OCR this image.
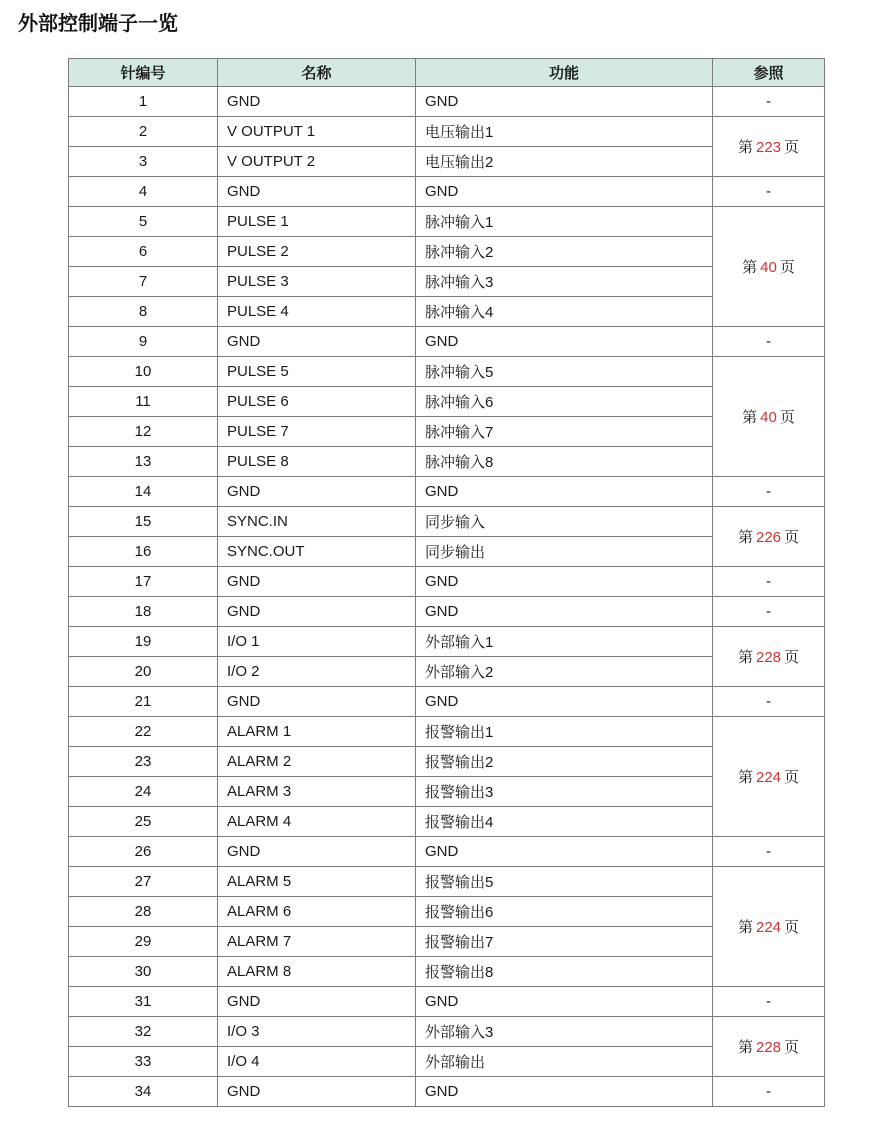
外部控制端子一览
针编号	名称	功能	参照
1	GND	GND	-
2	V OUTPUT 1	电压输出1	第 223 页
3	V OUTPUT 2	电压输出2	
4	GND	GND	-
5	PULSE 1	脉冲输入1	第 40 页
6	PULSE 2	脉冲输入2	
7	PULSE 3	脉冲输入3	
8	PULSE 4	脉冲输入4	
9	GND	GND	-
10	PULSE 5	脉冲输入5	第 40 页
11	PULSE 6	脉冲输入6	
12	PULSE 7	脉冲输入7	
13	PULSE 8	脉冲输入8	
14	GND	GND	-
15	SYNC.IN	同步输入	第 226 页
16	SYNC.OUT	同步输出	
17	GND	GND	-
18	GND	GND	-
19	I/O 1	外部输入1	第 228 页
20	I/O 2	外部输入2	
21	GND	GND	-
22	ALARM 1	报警输出1	第 224 页
23	ALARM 2	报警输出2	
24	ALARM 3	报警输出3	
25	ALARM 4	报警输出4	
26	GND	GND	-
27	ALARM 5	报警输出5	第 224 页
28	ALARM 6	报警输出6	
29	ALARM 7	报警输出7	
30	ALARM 8	报警输出8	
31	GND	GND	-
32	I/O 3	外部输入3	第 228 页
33	I/O 4	外部输出	
34	GND	GND	-
